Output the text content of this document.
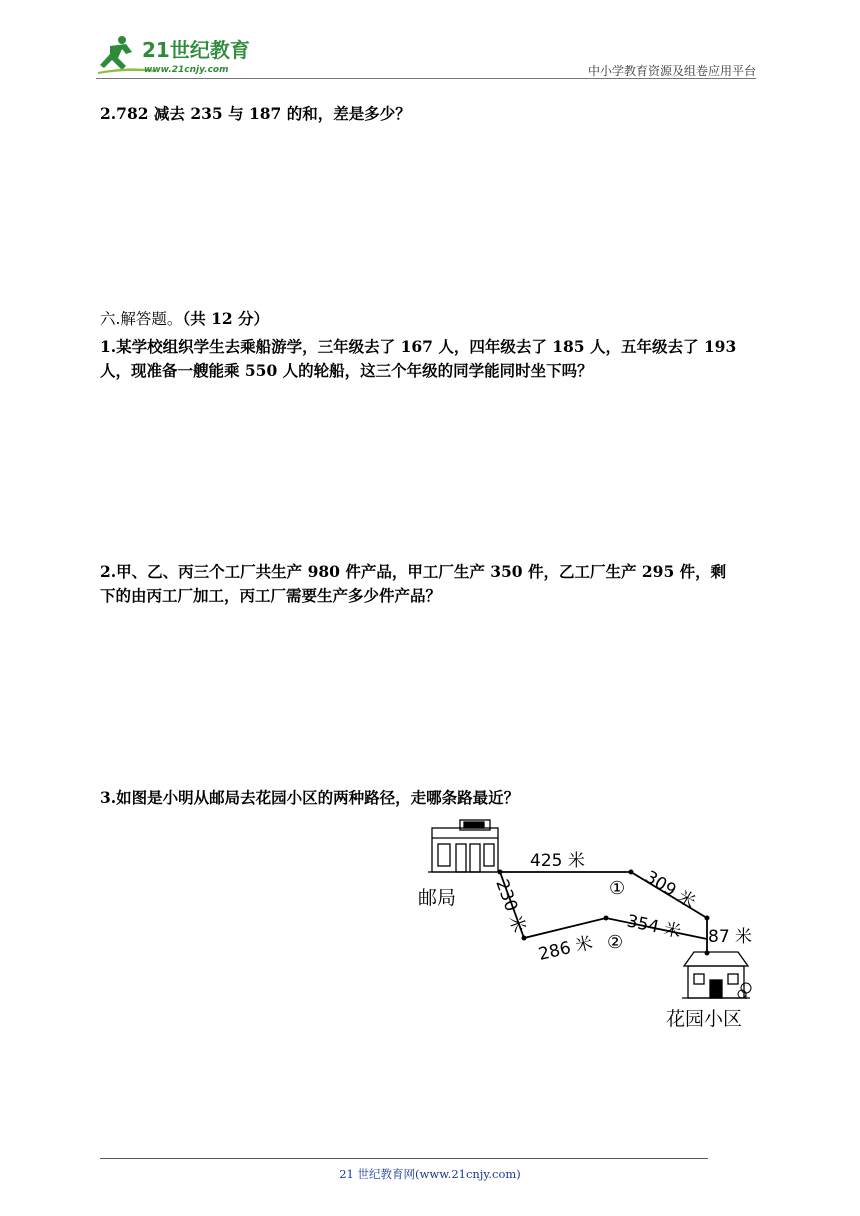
21世纪教育
www.21cnjy.com	中小学教育资源及组卷应用平台
2.782 减去 235 与 187 的和，差是多少？
六.解答题。（共 12 分）
1.某学校组织学生去乘船游学，三年级去了 167 人，四年级去了 185 人，五年级去了 193
人，现准备一艘能乘 550 人的轮船，这三个年级的同学能同时坐下吗？
2.甲、乙、丙三个工厂共生产 980 件产品，甲工厂生产 350 件，乙工厂生产 295 件，剩
下的由丙工厂加工，丙工厂需要生产多少件产品？
3.如图是小明从邮局去花园小区的两种路径，走哪条路最近？
邮局
425 米
309 米
87 米
230 米
286 米
354 米
①
②
花园小区
21 世纪教育网(www.21cnjy.com)
